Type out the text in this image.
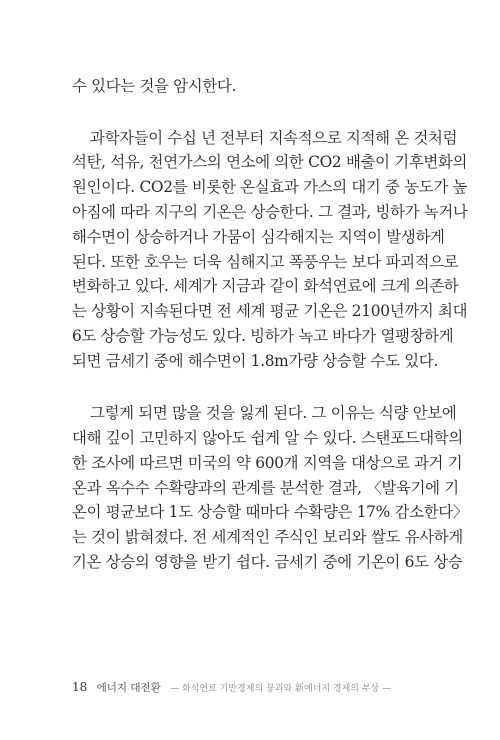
수 있다는 것을 암시한다.
과학자들이 수십 년 전부터 지속적으로 지적해 온 것처럼
석탄, 석유, 천연가스의 연소에 의한 CO2 배출이 기후변화의
원인이다. CO2를 비롯한 온실효과 가스의 대기 중 농도가 높
아짐에 따라 지구의 기온은 상승한다. 그 결과, 빙하가 녹거나
해수면이 상승하거나 가뭄이 심각해지는 지역이 발생하게
된다. 또한 호우는 더욱 심해지고 폭풍우는 보다 파괴적으로
변화하고 있다. 세계가 지금과 같이 화석연료에 크게 의존하
는 상황이 지속된다면 전 세계 평균 기온은 2100년까지 최대
6도 상승할 가능성도 있다. 빙하가 녹고 바다가 열팽창하게
되면 금세기 중에 해수면이 1.8m가량 상승할 수도 있다.
그렇게 되면 많을 것을 잃게 된다. 그 이유는 식량 안보에
대해 깊이 고민하지 않아도 쉽게 알 수 있다. 스탠포드대학의
한 조사에 따르면 미국의 약 600개 지역을 대상으로 과거 기
온과 옥수수 수확량과의 관계를 분석한 결과, 〈발육기에 기
온이 평균보다 1도 상승할 때마다 수확량은 17% 감소한다〉
는 것이 밝혀졌다. 전 세계적인 주식인 보리와 쌀도 유사하게
기온 상승의 영향을 받기 쉽다. 금세기 중에 기온이 6도 상승
18 에너지 대전환 — 화석연료 기반경제의 붕괴와 新에너지 경제의 부상 —
